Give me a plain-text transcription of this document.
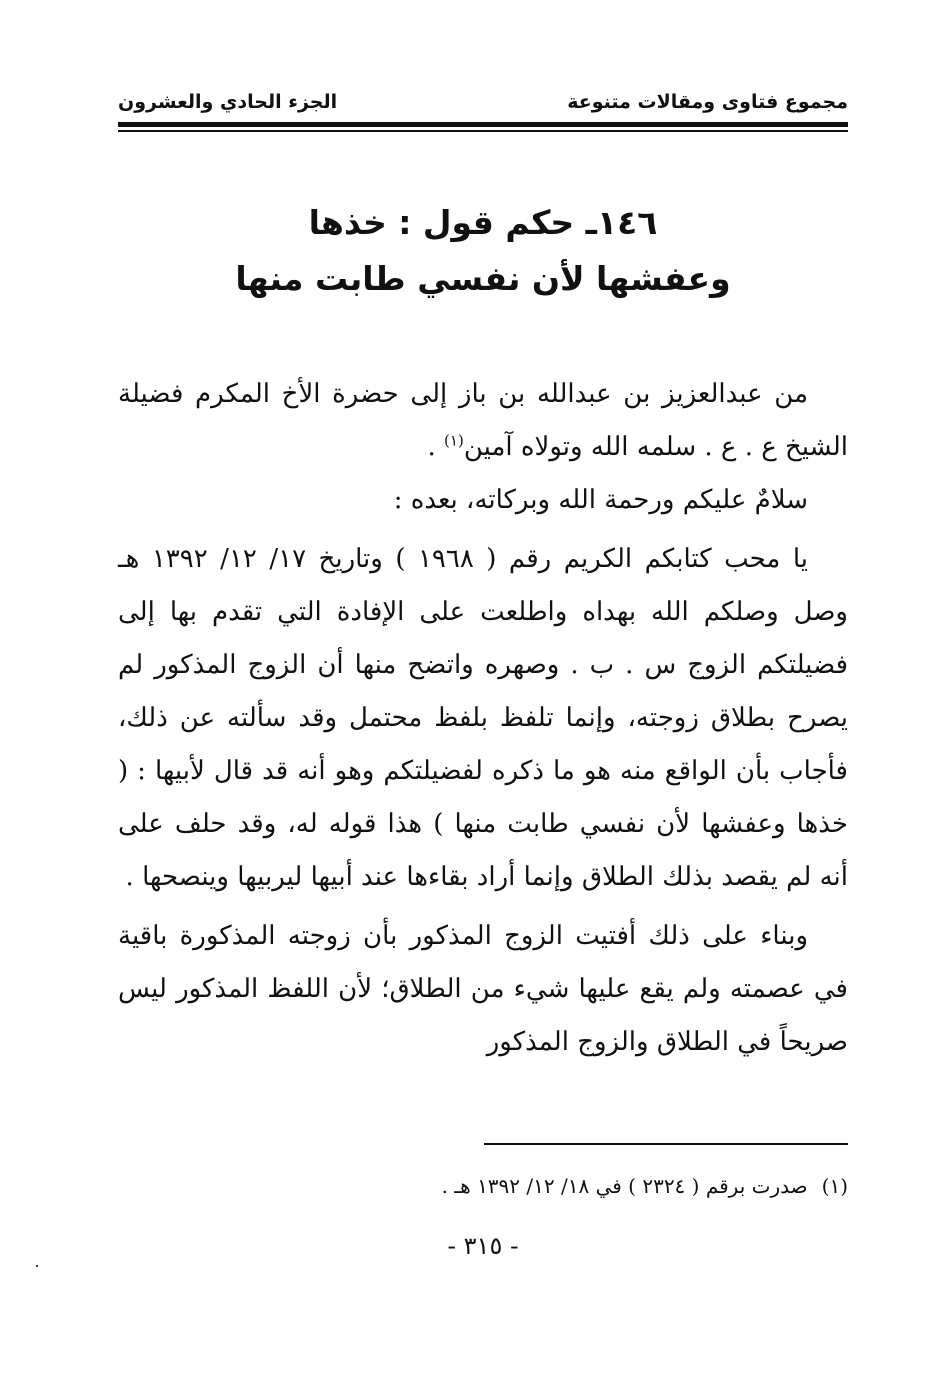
مجموع فتاوى ومقالات متنوعة
الجزء الحادي والعشرون
١٤٦ـ حكم قول : خذها
وعفشها لأن نفسي طابت منها

من عبدالعزيز بن عبدالله بن باز إلى حضرة الأخ المكرم فضيلة الشيخ ع . ع . سلمه الله وتولاه آمين$^{(١)}$ .

سلامٌ عليكم ورحمة الله وبركاته، بعده :

يا محب كتابكم الكريم رقم ( ١٩٦٨ ) وتاريخ ١٧/ ١٢/ ١٣٩٢ هـ وصل وصلكم الله بهداه واطلعت على الإفادة التي تقدم بها إلى فضيلتكم الزوج س . ب . وصهره واتضح منها أن الزوج المذكور لم يصرح بطلاق زوجته، وإنما تلفظ بلفظ محتمل وقد سألته عن ذلك، فأجاب بأن الواقع منه هو ما ذكره لفضيلتكم وهو أنه قد قال لأبيها : ( خذها وعفشها لأن نفسي طابت منها ) هذا قوله له، وقد حلف على أنه لم يقصد بذلك الطلاق وإنما أراد بقاءها عند أبيها ليربيها وينصحها .

وبناء على ذلك أفتيت الزوج المذكور بأن زوجته المذكورة باقية في عصمته ولم يقع عليها شيء من الطلاق؛ لأن اللفظ المذكور ليس صريحاً في الطلاق والزوج المذكور

(١)صدرت برقم ( ٢٣٢٤ ) في ١٨/ ١٢/ ١٣٩٢ هـ .
- ٣١٥ -
